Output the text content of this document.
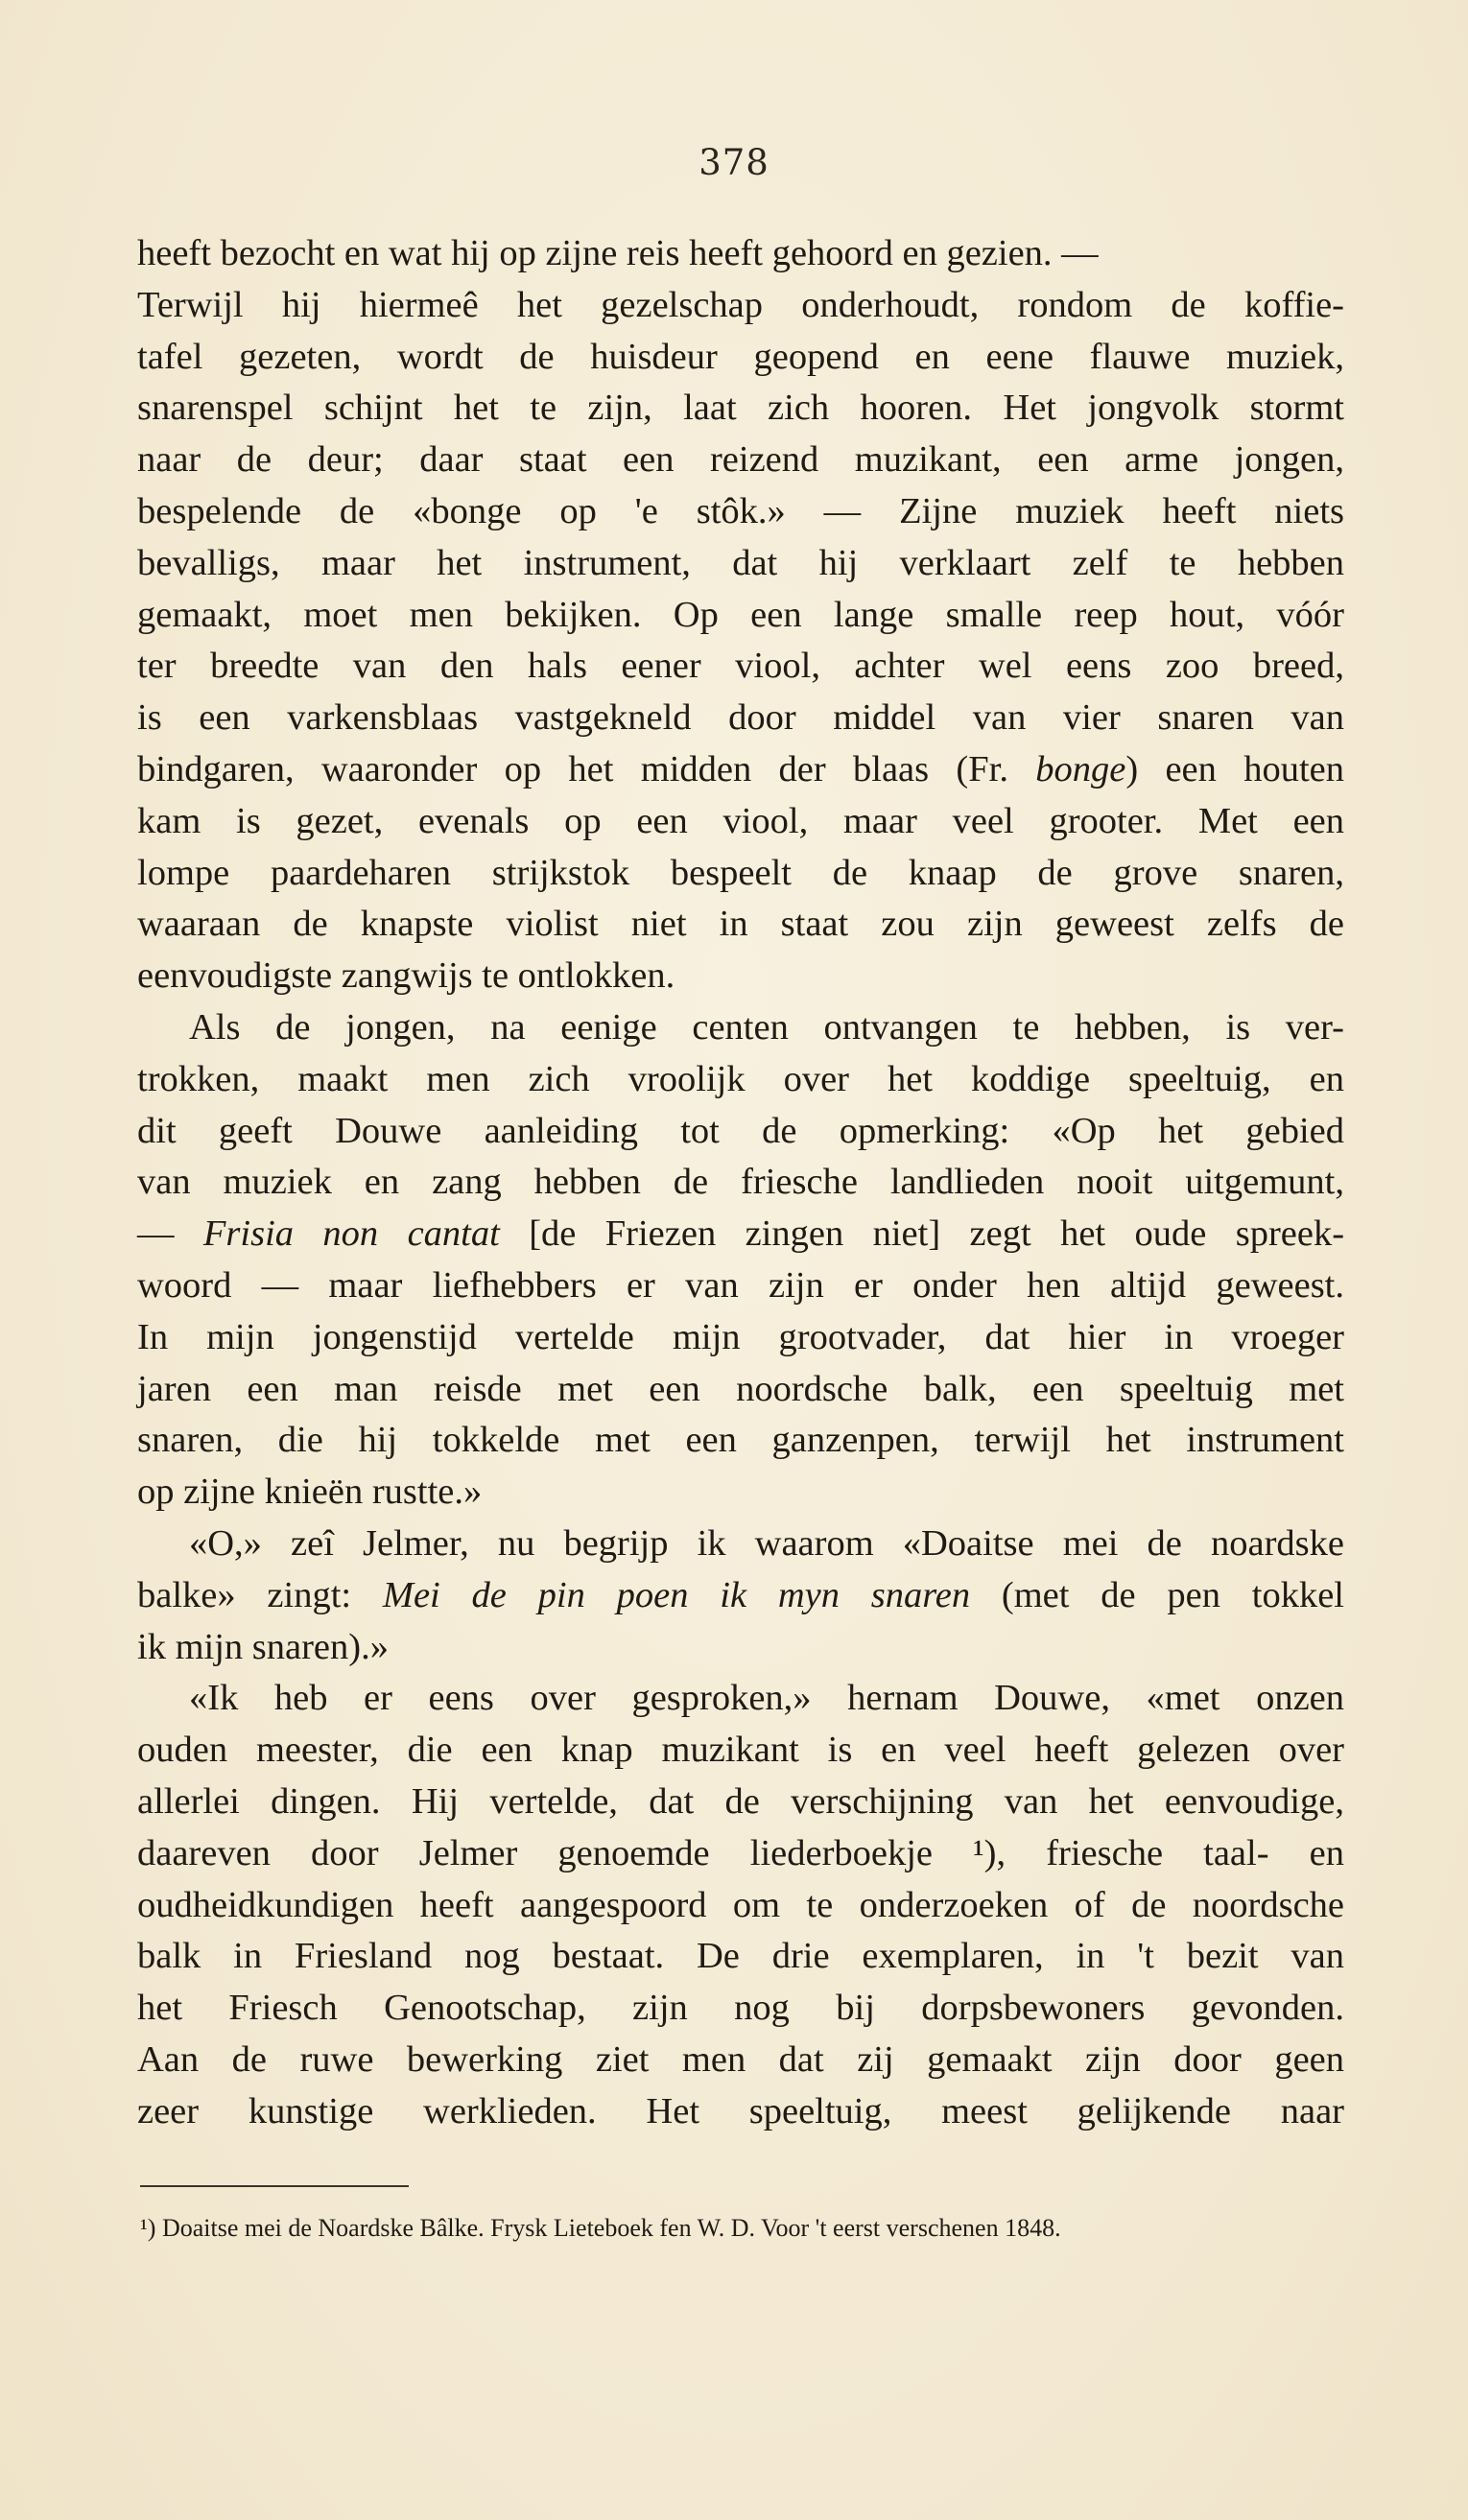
378
heeft bezocht en wat hij op zijne reis heeft gehoord en gezien. —
Terwijl hij hiermeê het gezelschap onderhoudt, rondom de koffie-
tafel gezeten, wordt de huisdeur geopend en eene flauwe muziek,
snarenspel schijnt het te zijn, laat zich hooren. Het jongvolk stormt
naar de deur; daar staat een reizend muzikant, een arme jongen,
bespelende de «bonge op 'e stôk.» — Zijne muziek heeft niets
bevalligs, maar het instrument, dat hij verklaart zelf te hebben
gemaakt, moet men bekijken. Op een lange smalle reep hout, vóór
ter breedte van den hals eener viool, achter wel eens zoo breed,
is een varkensblaas vastgekneld door middel van vier snaren van
bindgaren, waaronder op het midden der blaas (Fr. bonge) een houten
kam is gezet, evenals op een viool, maar veel grooter. Met een
lompe paardeharen strijkstok bespeelt de knaap de grove snaren,
waaraan de knapste violist niet in staat zou zijn geweest zelfs de
eenvoudigste zangwijs te ontlokken.
Als de jongen, na eenige centen ontvangen te hebben, is ver-
trokken, maakt men zich vroolijk over het koddige speeltuig, en
dit geeft Douwe aanleiding tot de opmerking: «Op het gebied
van muziek en zang hebben de friesche landlieden nooit uitgemunt,
— Frisia non cantat [de Friezen zingen niet] zegt het oude spreek-
woord — maar liefhebbers er van zijn er onder hen altijd geweest.
In mijn jongenstijd vertelde mijn grootvader, dat hier in vroeger
jaren een man reisde met een noordsche balk, een speeltuig met
snaren, die hij tokkelde met een ganzenpen, terwijl het instrument
op zijne knieën rustte.»
«O,» zeî Jelmer, nu begrijp ik waarom «Doaitse mei de noardske
balke» zingt: Mei de pin poen ik myn snaren (met de pen tokkel
ik mijn snaren).»
«Ik heb er eens over gesproken,» hernam Douwe, «met onzen
ouden meester, die een knap muzikant is en veel heeft gelezen over
allerlei dingen. Hij vertelde, dat de verschijning van het eenvoudige,
daareven door Jelmer genoemde liederboekje ¹), friesche taal- en
oudheidkundigen heeft aangespoord om te onderzoeken of de noordsche
balk in Friesland nog bestaat. De drie exemplaren, in 't bezit van
het Friesch Genootschap, zijn nog bij dorpsbewoners gevonden.
Aan de ruwe bewerking ziet men dat zij gemaakt zijn door geen
zeer kunstige werklieden. Het speeltuig, meest gelijkende naar
¹) Doaitse mei de Noardske Bâlke. Frysk Lieteboek fen W. D. Voor 't eerst verschenen 1848.
